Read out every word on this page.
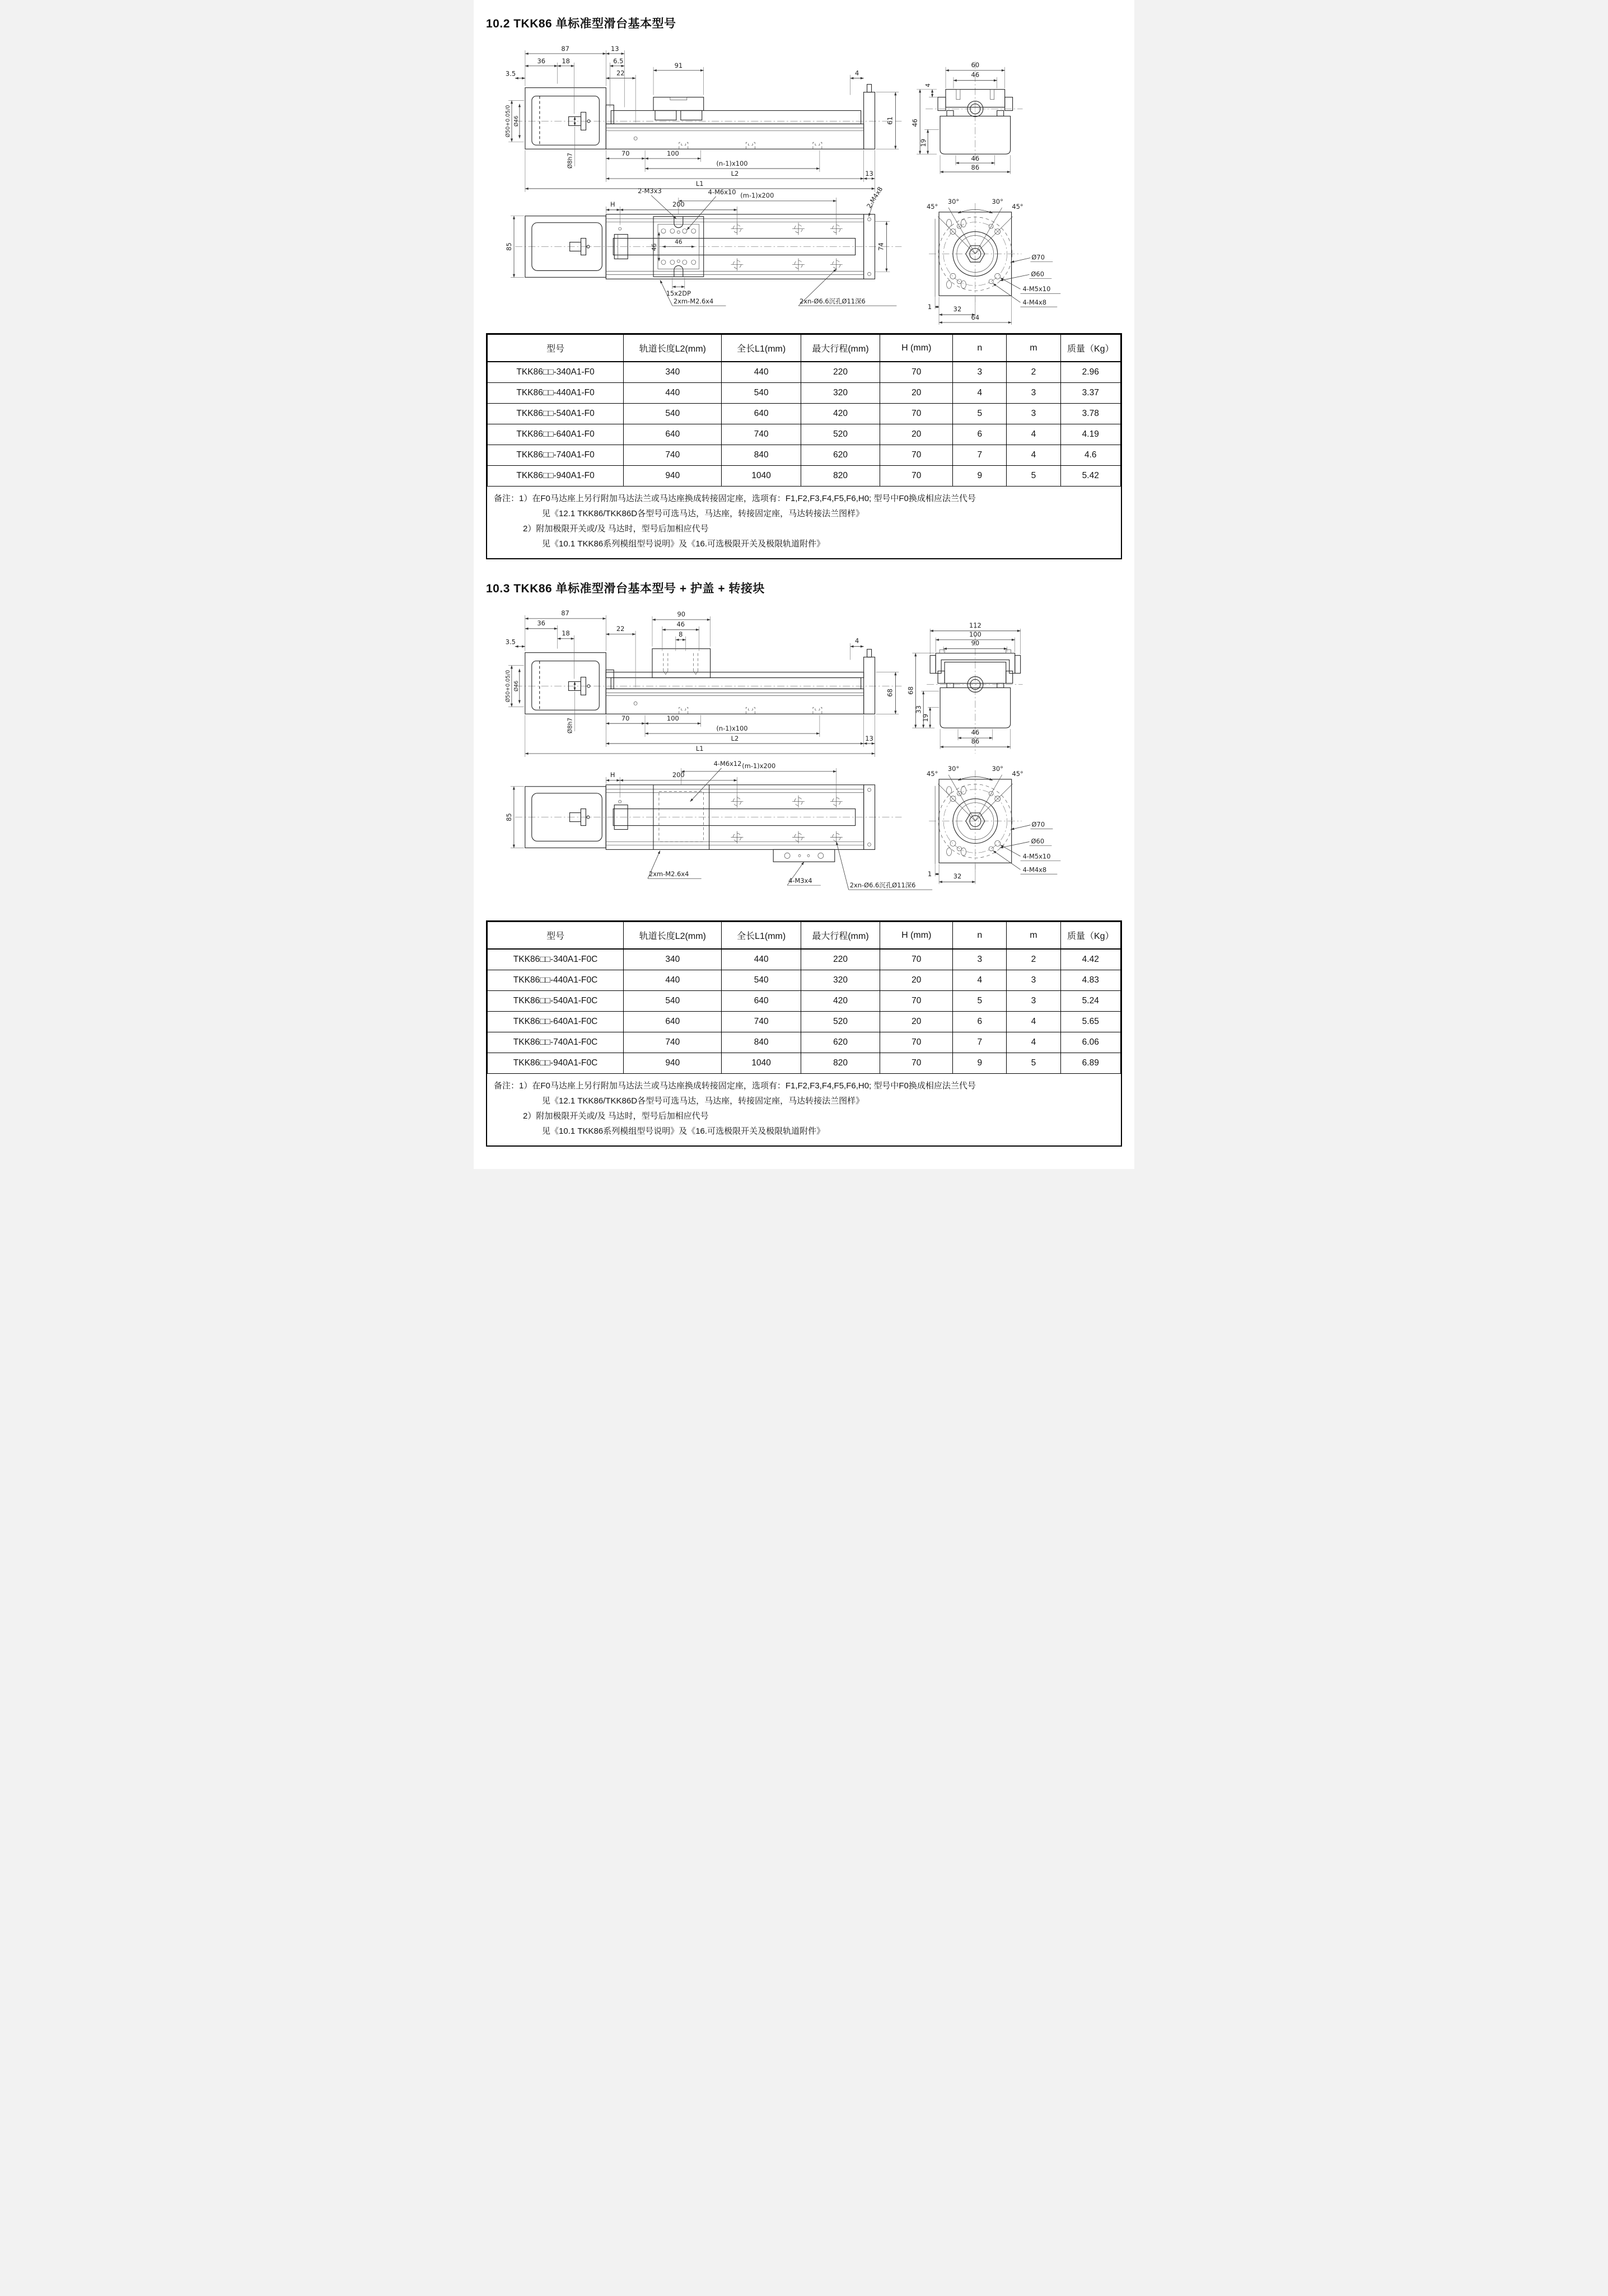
10.2 TKK86 单标准型滑台基本型号
87
36	18
3.5
13
6.5
22
91
4
61
Ø50+0.05/0 Ø46
Ø8h7	70	100
(n-1)x100
L2	13
L1
60
46
4
46
19
46
86
85
(m-1)x200
H	200
2-M3x3	4-M6x10	2-M4x8
46
46	74
15x2DP
2xm-M2.6x4	2xn-Ø6.6沉孔Ø11深6
45°
30°	30°
45°
Ø70
Ø60
4-M5x10
4-M4x8
1	32
64
型号	轨道长度L2(mm)	全长L1(mm)	最大行程(mm)	H (mm)	n	m	质量（Kg）
TKK86□□-340A1-F0	340	440	220	70	3	2	2.96
TKK86□□-440A1-F0	440	540	320	20	4	3	3.37
TKK86□□-540A1-F0	540	640	420	70	5	3	3.78
TKK86□□-640A1-F0	640	740	520	20	6	4	4.19
TKK86□□-740A1-F0	740	840	620	70	7	4	4.6
TKK86□□-940A1-F0	940	1040	820	70	9	5	5.42

备注：1）在F0马达座上另行附加马达法兰或马达座换成转接固定座，选项有：F1,F2,F3,F4,F5,F6,H0; 型号中F0换成相应法兰代号

见《12.1 TKK86/TKK86D各型号可选马达，马达座，转接固定座，马达转接法兰图样》

2）附加极限开关或/及 马达时，型号后加相应代号

见《10.1 TKK86系列模组型号说明》及《16.可选极限开关及极限轨道附件》

10.3 TKK86 单标准型滑台基本型号 + 护盖 + 转接块
87
36
18
3.5
22
90
46
8
4
68
Ø50+0.05/0 Ø46
Ø8h7	70	100
(n-1)x100
L2	13
L1
112
100
90
68
33
19
46
86
85
(m-1)x200
H	200
4-M6x12
2xm-M2.6x4
4-M3x4
2xn-Ø6.6沉孔Ø11深6
45°
30°	30°
45°
Ø70
Ø60
4-M5x10
4-M4x8
1	32
型号	轨道长度L2(mm)	全长L1(mm)	最大行程(mm)	H (mm)	n	m	质量（Kg）
TKK86□□-340A1-F0C	340	440	220	70	3	2	4.42
TKK86□□-440A1-F0C	440	540	320	20	4	3	4.83
TKK86□□-540A1-F0C	540	640	420	70	5	3	5.24
TKK86□□-640A1-F0C	640	740	520	20	6	4	5.65
TKK86□□-740A1-F0C	740	840	620	70	7	4	6.06
TKK86□□-940A1-F0C	940	1040	820	70	9	5	6.89

备注：1）在F0马达座上另行附加马达法兰或马达座换成转接固定座，选项有：F1,F2,F3,F4,F5,F6,H0; 型号中F0换成相应法兰代号

见《12.1 TKK86/TKK86D各型号可选马达，马达座，转接固定座，马达转接法兰图样》

2）附加极限开关或/及 马达时，型号后加相应代号

见《10.1 TKK86系列模组型号说明》及《16.可选极限开关及极限轨道附件》
